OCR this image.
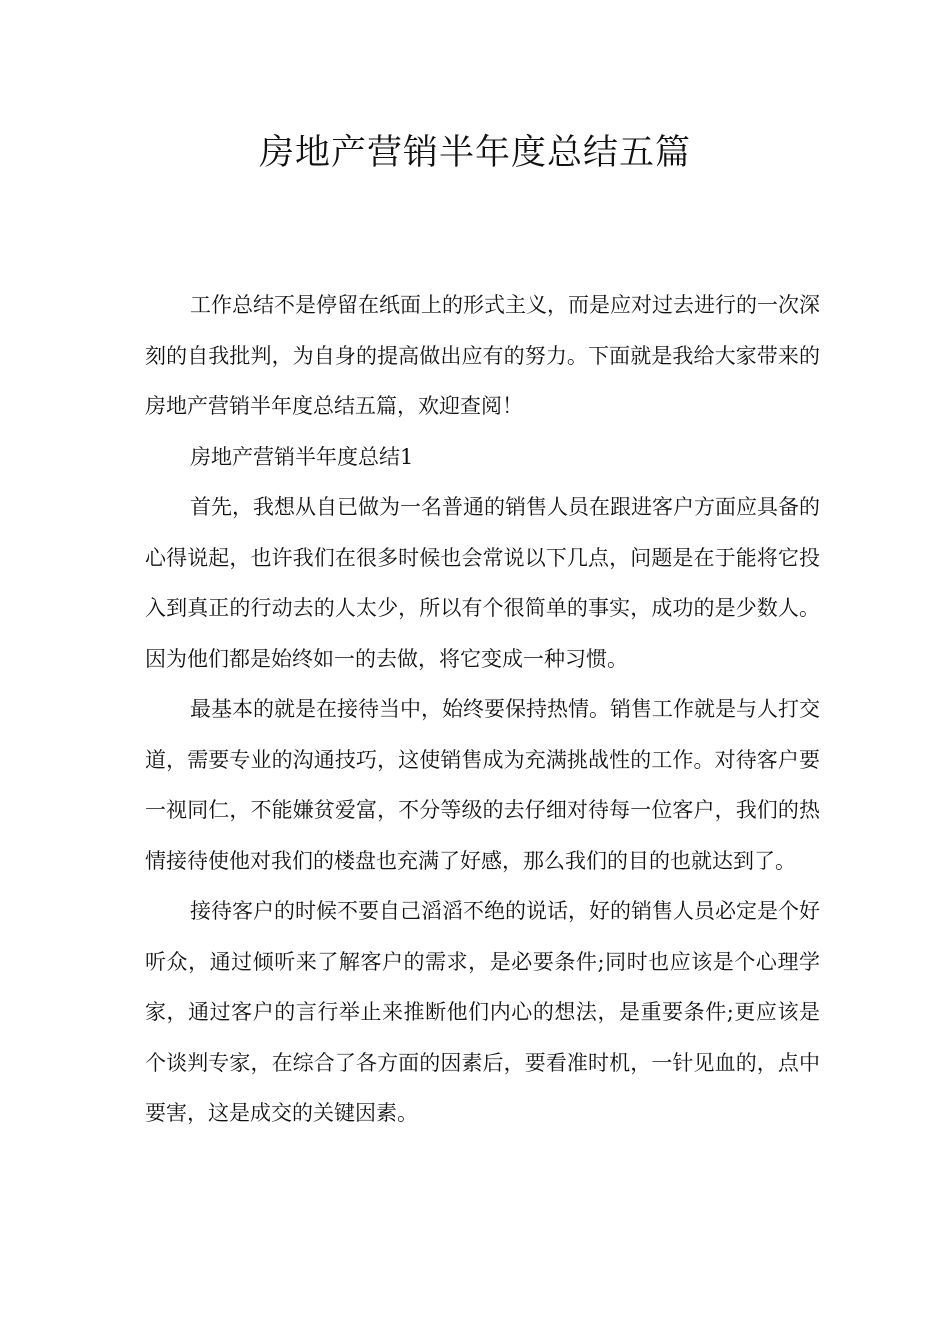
房地产营销半年度总结五篇

工作总结不是停留在纸面上的形式主义，而是应对过去进行的一次深刻的自我批判，为自身的提高做出应有的努力。下面就是我给大家带来的房地产营销半年度总结五篇，欢迎查阅！

房地产营销半年度总结1

首先，我想从自已做为一名普通的销售人员在跟进客户方面应具备的心得说起，也许我们在很多时候也会常说以下几点，问题是在于能将它投入到真正的行动去的人太少，所以有个很简单的事实，成功的是少数人。因为他们都是始终如一的去做，将它变成一种习惯。

最基本的就是在接待当中，始终要保持热情。销售工作就是与人打交道，需要专业的沟通技巧，这使销售成为充满挑战性的工作。对待客户要一视同仁，不能嫌贫爱富，不分等级的去仔细对待每一位客户，我们的热情接待使他对我们的楼盘也充满了好感，那么我们的目的也就达到了。

接待客户的时候不要自己滔滔不绝的说话，好的销售人员必定是个好听众，通过倾听来了解客户的需求，是必要条件;同时也应该是个心理学家，通过客户的言行举止来推断他们内心的想法，是重要条件;更应该是个谈判专家，在综合了各方面的因素后，要看准时机，一针见血的，点中要害，这是成交的关键因素。
